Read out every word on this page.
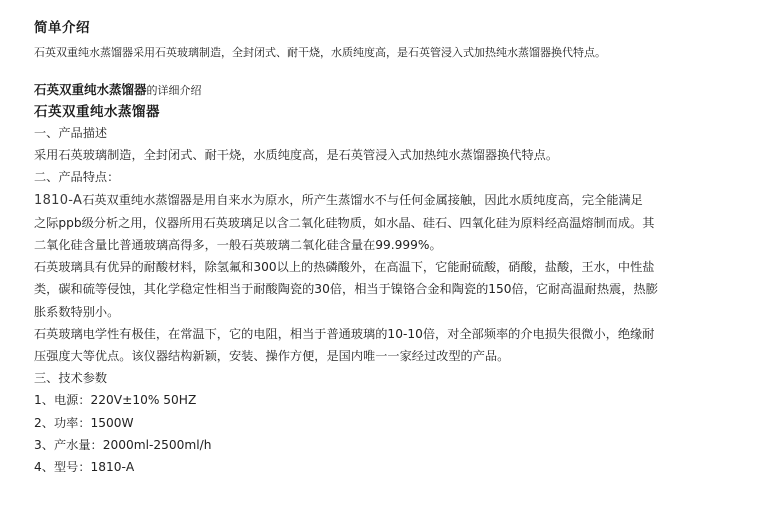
简单介绍
石英双重纯水蒸馏器采用石英玻璃制造，全封闭式、耐干烧，水质纯度高，是石英管浸入式加热纯水蒸馏器换代特点。
石英双重纯水蒸馏器的详细介绍
石英双重纯水蒸馏器
一、产品描述
采用石英玻璃制造，全封闭式、耐干烧，水质纯度高，是石英管浸入式加热纯水蒸馏器换代特点。
二、产品特点：
1810-A石英双重纯水蒸馏器是用自来水为原水，所产生蒸馏水不与任何金属接触，因此水质纯度高，完全能满足
之际ppb级分析之用，仪器所用石英玻璃足以含二氧化硅物质，如水晶、硅石、四氧化硅为原料经高温熔制而成。其
二氧化硅含量比普通玻璃高得多，一般石英玻璃二氧化硅含量在99.999%。
石英玻璃具有优异的耐酸材料，除氢氟和300以上的热磷酸外，在高温下，它能耐硫酸，硝酸，盐酸，王水，中性盐
类，碳和硫等侵蚀，其化学稳定性相当于耐酸陶瓷的30倍，相当于镍铬合金和陶瓷的150倍，它耐高温耐热震，热膨
胀系数特别小。
石英玻璃电学性有极佳，在常温下，它的电阻，相当于普通玻璃的10-10倍，对全部频率的介电损失很微小，绝缘耐
压强度大等优点。该仪器结构新颖，安装、操作方便，是国内唯一一家经过改型的产品。
三、技术参数
1、电源：220V±10% 50HZ
2、功率：1500W
3、产水量：2000ml-2500ml/h
4、型号：1810-A
